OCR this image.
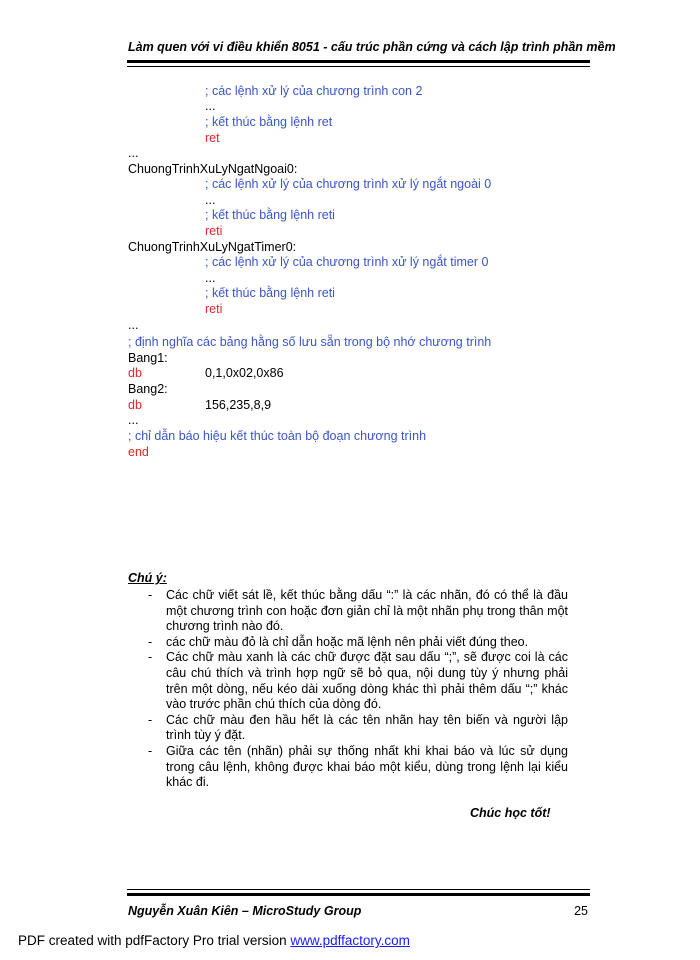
Làm quen với vi điều khiển 8051 - cấu trúc phần cứng và cách lập trình phần mềm
; các lệnh xử lý của chương trình con 2
...
; kết thúc bằng lệnh ret
ret
...
ChuongTrinhXuLyNgatNgoai0:
; các lệnh xử lý của chương trình xử lý ngắt ngoài 0
...
; kết thúc bằng lệnh reti
reti
ChuongTrinhXuLyNgatTimer0:
; các lệnh xử lý của chương trình xử lý ngắt timer 0
...
; kết thúc bằng lệnh reti
reti
...
; định nghĩa các bảng hằng số lưu sẵn trong bộ nhớ chương trình
Bang1:
db	0,1,0x02,0x86
Bang2:
db	156,235,8,9
...
; chỉ dẫn báo hiệu kết thúc toàn bộ đoạn chương trình
end
Chú ý:
- Các chữ viết sát lề, kết thúc bằng dấu “:” là các nhãn, đó có thể là đầu một chương trình con hoặc đơn giản chỉ là một nhãn phụ trong thân một chương trình nào đó.
- các chữ màu đỏ là chỉ dẫn hoặc mã lệnh nên phải viết đúng theo.
- Các chữ màu xanh là các chữ được đặt sau dấu “;”, sẽ được coi là các câu chú thích và trình hợp ngữ sẽ bỏ qua, nội dung tùy ý nhưng phải trên một dòng, nếu kéo dài xuống dòng khác thì phải thêm dấu “;” khác vào trước phần chú thích của dòng đó.
- Các chữ màu đen hầu hết là các tên nhãn hay tên biến và người lập trình tùy ý đặt.
- Giữa các tên (nhãn) phải sự thống nhất khi khai báo và lúc sử dụng trong câu lệnh, không được khai báo một kiểu, dùng trong lệnh lại kiểu khác đi.
Chúc học tốt!
Nguyễn Xuân Kiên – MicroStudy Group	25
PDF created with pdfFactory Pro trial version www.pdffactory.com
